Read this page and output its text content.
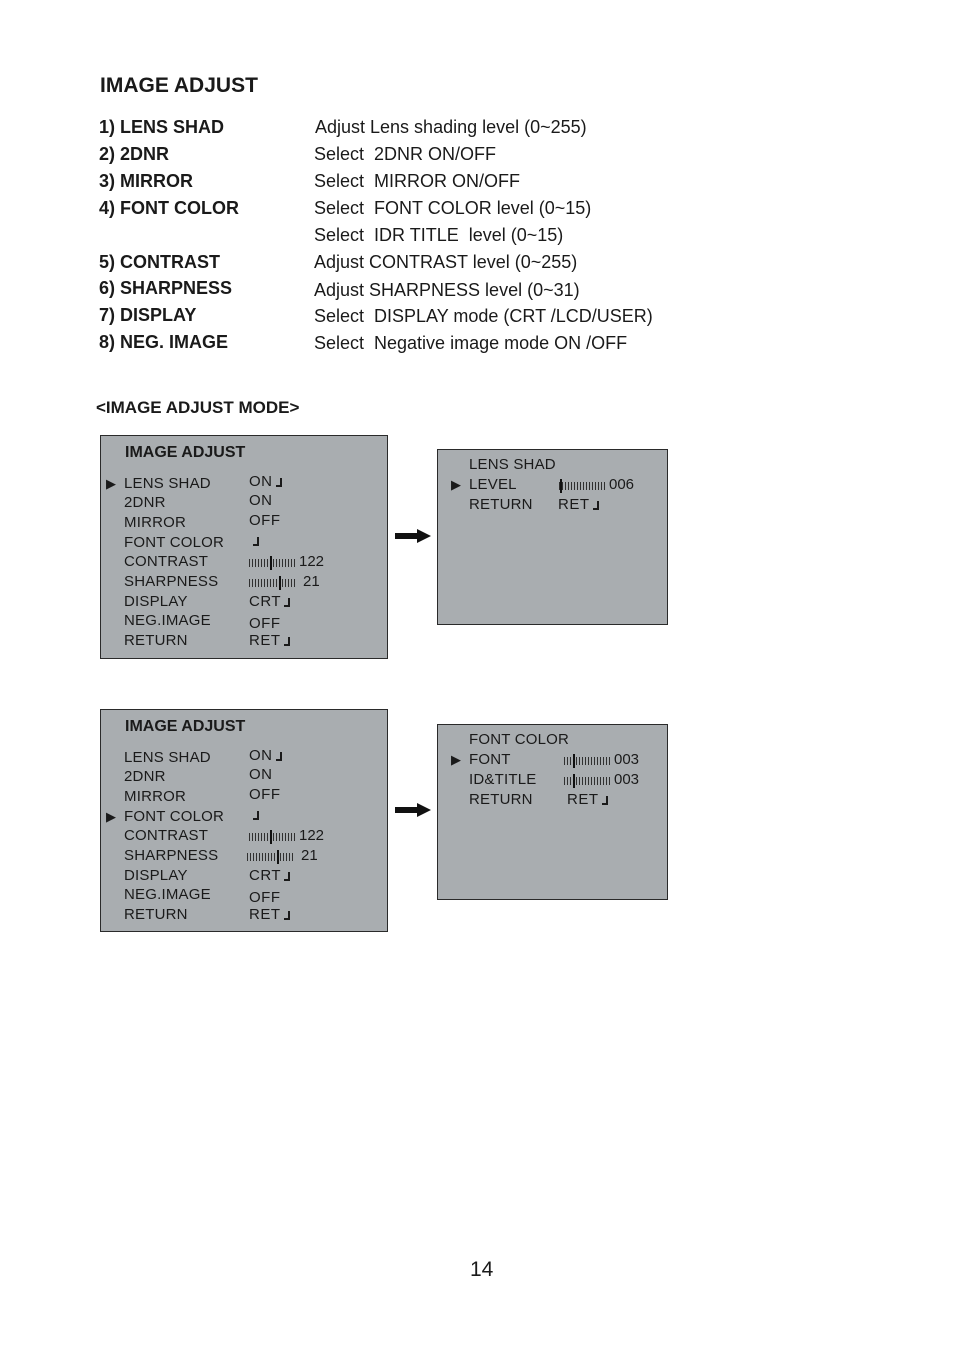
IMAGE ADJUST
1) LENS SHAD	Adjust Lens shading level (0~255)
2) 2DNR	Select  2DNR ON/OFF
3) MIRROR	Select  MIRROR ON/OFF
4) FONT COLOR	Select  FONT COLOR level (0~15)
Select  IDR TITLE  level (0~15)
5) CONTRAST	Adjust CONTRAST level (0~255)
6) SHARPNESS	Adjust SHARPNESS level (0~31)
7) DISPLAY	Select  DISPLAY mode (CRT /LCD/USER)
8) NEG. IMAGE	Select  Negative image mode ON /OFF
<IMAGE ADJUST MODE>
IMAGE ADJUST
▶ LENS SHAD	ON
2DNR	ON
MIRROR	OFF
FONT COLOR
CONTRAST	122
SHARPNESS	21
DISPLAY	CRT
NEG.IMAGE	OFF
RETURN	RET
LENS SHAD
▶ LEVEL	006
RETURN RET
IMAGE ADJUST
LENS SHAD	ON
2DNR	ON
MIRROR	OFF
▶ FONT COLOR
CONTRAST	122
SHARPNESS	21
DISPLAY	CRT
NEG.IMAGE	OFF
RETURN	RET
FONT COLOR
▶ FONT	003
ID&TITLE	003
RETURN RET
14
